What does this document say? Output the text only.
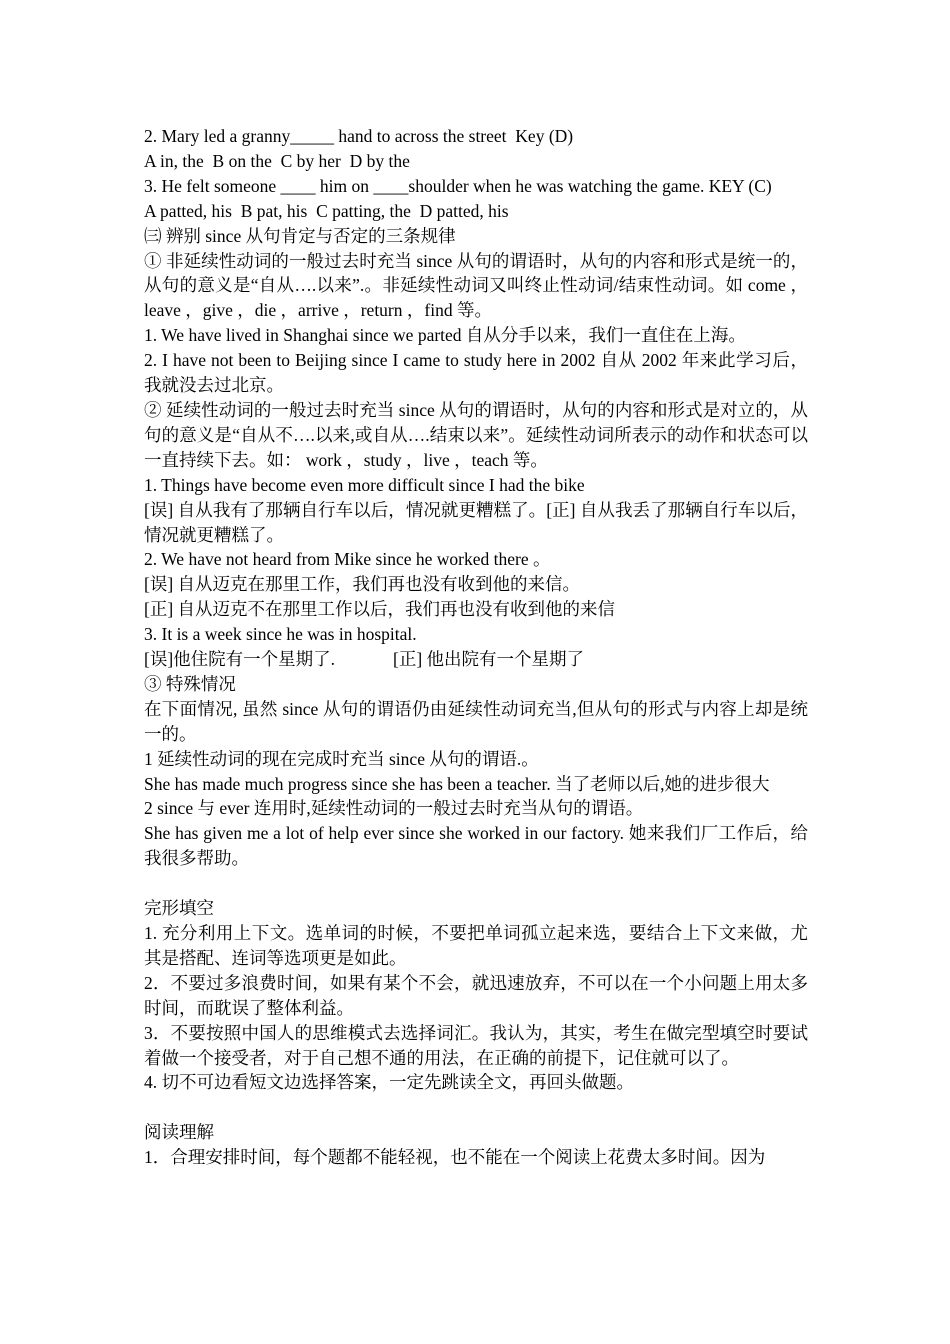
2. Mary led a granny_____ hand to across the street  Key (D)

A in, the  B on the  C by her  D by the

3. He felt someone ____ him on ____shoulder when he was watching the game. KEY (C)

A patted, his  B pat, his  C patting, the  D patted, his

㈢ 辨别 since 从句肯定与否定的三条规律

① 非延续性动词的一般过去时充当 since 从句的谓语时，从句的内容和形式是统一的，从句的意义是“自从….以来”.。非延续性动词又叫终止性动词/结束性动词。如 come ，leave ，give ，die ，arrive ，return ，find 等。

1. We have lived in Shanghai since we parted 自从分手以来，我们一直住在上海。

2. I have not been to Beijing since I came to study here in 2002 自从 2002 年来此学习后，我就没去过北京。

② 延续性动词的一般过去时充当 since 从句的谓语时，从句的内容和形式是对立的，从句的意义是“自从不….以来,或自从….结束以来”。延续性动词所表示的动作和状态可以一直持续下去。如： work ，study ，live ，teach 等。

1. Things have become even more difficult since I had the bike

[误] 自从我有了那辆自行车以后，情况就更糟糕了。[正] 自从我丢了那辆自行车以后，情况就更糟糕了。

2. We have not heard from Mike since he worked there 。

[误] 自从迈克在那里工作，我们再也没有收到他的来信。

[正] 自从迈克不在那里工作以后，我们再也没有收到他的来信

3. It is a week since he was in hospital.

[误]他住院有一个星期了.	[正] 他出院有一个星期了

③ 特殊情况

在下面情况, 虽然 since 从句的谓语仍由延续性动词充当,但从句的形式与内容上却是统一的。

1 延续性动词的现在完成时充当 since 从句的谓语.。

She has made much progress since she has been a teacher. 当了老师以后,她的进步很大

2 since 与 ever 连用时,延续性动词的一般过去时充当从句的谓语。

She has given me a lot of help ever since she worked in our factory. 她来我们厂工作后，给我很多帮助。

完形填空

1. 充分利用上下文。选单词的时候，不要把单词孤立起来选，要结合上下文来做，尤其是搭配、连词等选项更是如此。

2．不要过多浪费时间，如果有某个不会，就迅速放弃，不可以在一个小问题上用太多时间，而耽误了整体利益。

3．不要按照中国人的思维模式去选择词汇。我认为，其实，考生在做完型填空时要试着做一个接受者，对于自己想不通的用法，在正确的前提下，记住就可以了。

4. 切不可边看短文边选择答案，一定先跳读全文，再回头做题。

阅读理解

1．合理安排时间，每个题都不能轻视，也不能在一个阅读上花费太多时间。因为
